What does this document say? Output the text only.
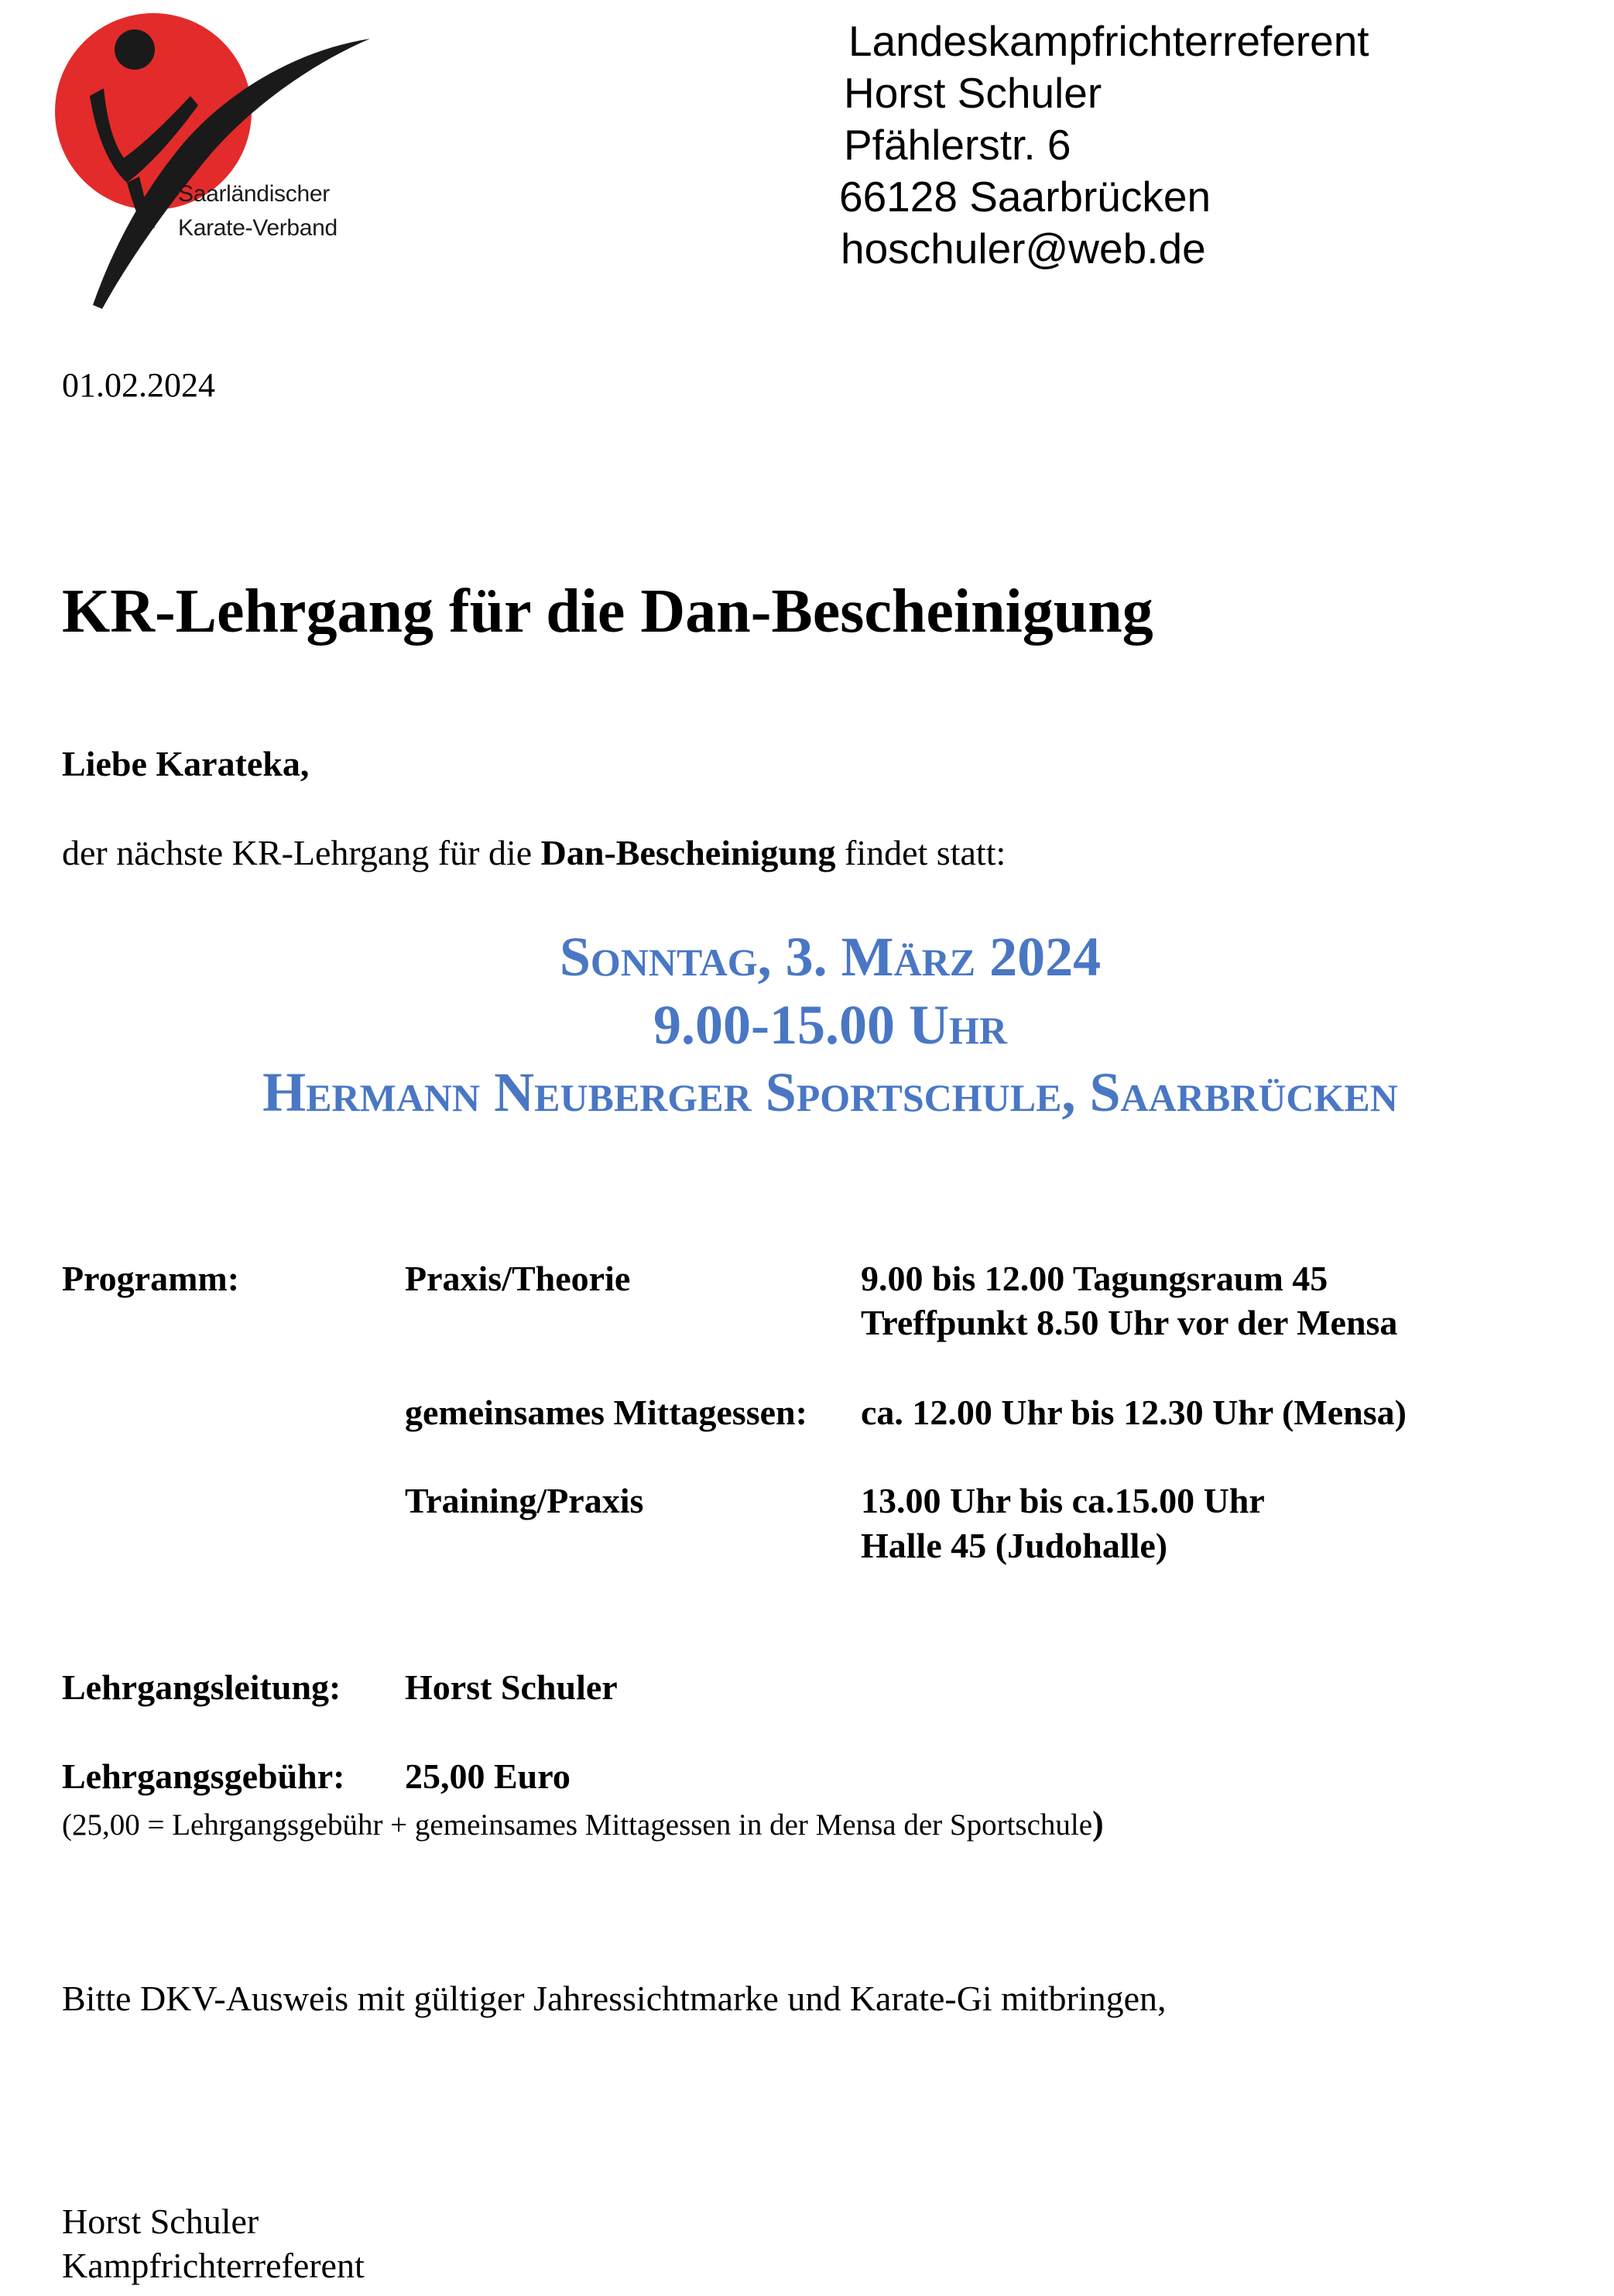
Saarländischer
Karate-Verband
Landeskampfrichterreferent
Horst Schuler
Pfählerstr. 6
66128 Saarbrücken
hoschuler@web.de
01.02.2024
KR-Lehrgang für die Dan-Bescheinigung
Liebe Karateka,
der nächste KR-Lehrgang für die Dan-Bescheinigung findet statt:
Sonntag, 3. März 2024
9.00-15.00 Uhr
Hermann Neuberger Sportschule, Saarbrücken
Programm:	Praxis/Theorie	9.00 bis 12.00 Tagungsraum 45
Treffpunkt 8.50 Uhr vor der Mensa
gemeinsames Mittagessen: ca. 12.00 Uhr bis 12.30 Uhr (Mensa)
Training/Praxis	13.00 Uhr bis ca.15.00 Uhr
Halle 45 (Judohalle)
Lehrgangsleitung: Horst Schuler
Lehrgangsgebühr: 25,00 Euro
(25,00 = Lehrgangsgebühr + gemeinsames Mittagessen in der Mensa der Sportschule)
Bitte DKV-Ausweis mit gültiger Jahressichtmarke und Karate-Gi mitbringen,
Horst Schuler
Kampfrichterreferent
